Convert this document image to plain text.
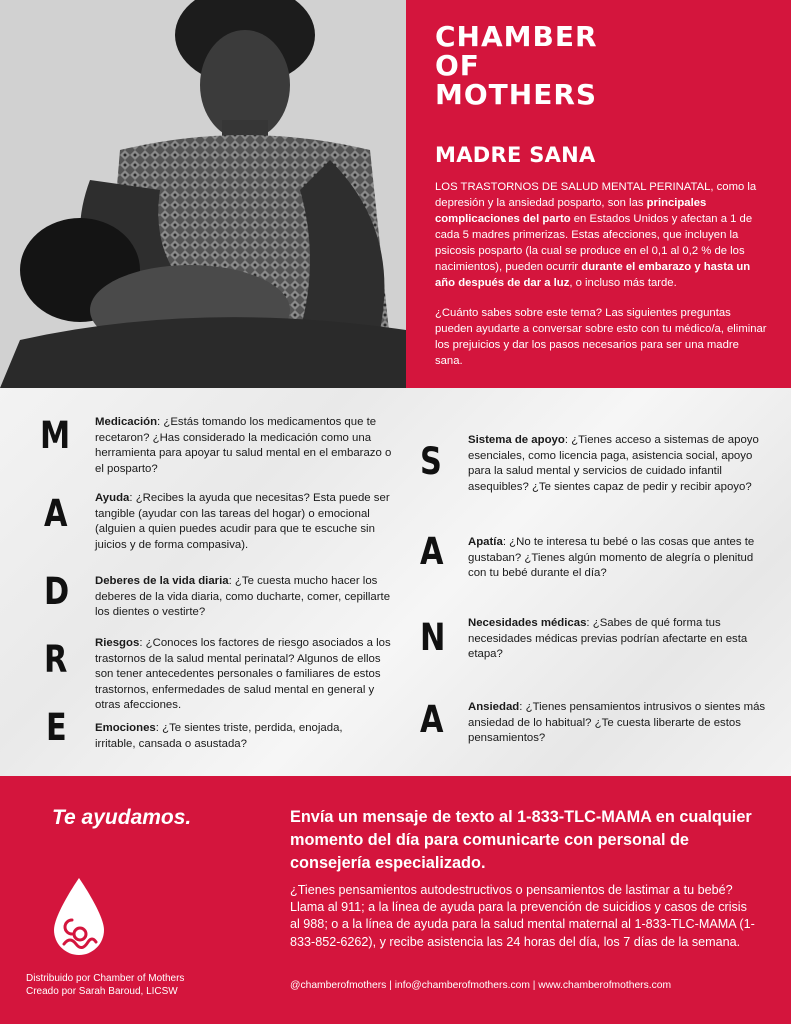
CHAMBER
OF
MOTHERS
MADRE SANA

LOS TRASTORNOS DE SALUD MENTAL PERINATAL, como la depresión y la ansiedad posparto, son las principales complicaciones del parto en Estados Unidos y afectan a 1 de cada 5 madres primerizas. Estas afecciones, que incluyen la psicosis posparto (la cual se produce en el 0,1 al 0,2 % de los nacimientos), pueden ocurrir durante el embarazo y hasta un año después de dar a luz, o incluso más tarde.

¿Cuánto sabes sobre este tema? Las siguientes preguntas pueden ayudarte a conversar sobre esto con tu médico/a, eliminar los prejuicios y dar los pasos necesarios para ser una madre sana.

M
A
D
R
E
Medicación: ¿Estás tomando los medicamentos que te recetaron? ¿Has considerado la medicación como una herramienta para apoyar tu salud mental en el embarazo o el posparto?
Ayuda: ¿Recibes la ayuda que necesitas? Esta puede ser tangible (ayudar con las tareas del hogar) o emocional (alguien a quien puedes acudir para que te escuche sin juicios y de forma compasiva).
Deberes de la vida diaria: ¿Te cuesta mucho hacer los deberes de la vida diaria, como ducharte, comer, cepillarte los dientes o vestirte?
Riesgos: ¿Conoces los factores de riesgo asociados a los trastornos de la salud mental perinatal? Algunos de ellos son tener antecedentes personales o familiares de estos trastornos, enfermedades de salud mental en general y otras afecciones.
Emociones: ¿Te sientes triste, perdida, enojada, irritable, cansada o asustada?
S
A
N
A
Sistema de apoyo: ¿Tienes acceso a sistemas de apoyo esenciales, como licencia paga, asistencia social, apoyo para la salud mental y servicios de cuidado infantil asequibles? ¿Te sientes capaz de pedir y recibir apoyo?
Apatía: ¿No te interesa tu bebé o las cosas que antes te gustaban? ¿Tienes algún momento de alegría o plenitud con tu bebé durante el día?
Necesidades médicas: ¿Sabes de qué forma tus necesidades médicas previas podrían afectarte en esta etapa?
Ansiedad: ¿Tienes pensamientos intrusivos o sientes más ansiedad de lo habitual? ¿Te cuesta liberarte de estos pensamientos?
Te ayudamos.
Distribuido por Chamber of Mothers
Creado por Sarah Baroud, LICSW
Envía un mensaje de texto al 1-833-TLC-MAMA en cualquier momento del día para comunicarte con personal de consejería especializado.
¿Tienes pensamientos autodestructivos o pensamientos de lastimar a tu bebé? Llama al 911; a la línea de ayuda para la prevención de suicidios y casos de crisis al 988; o a la línea de ayuda para la salud mental maternal al 1-833-TLC-MAMA (1-833-852-6262), y recibe asistencia las 24 horas del día, los 7 días de la semana.
@chamberofmothers | info@chamberofmothers.com | www.chamberofmothers.com
